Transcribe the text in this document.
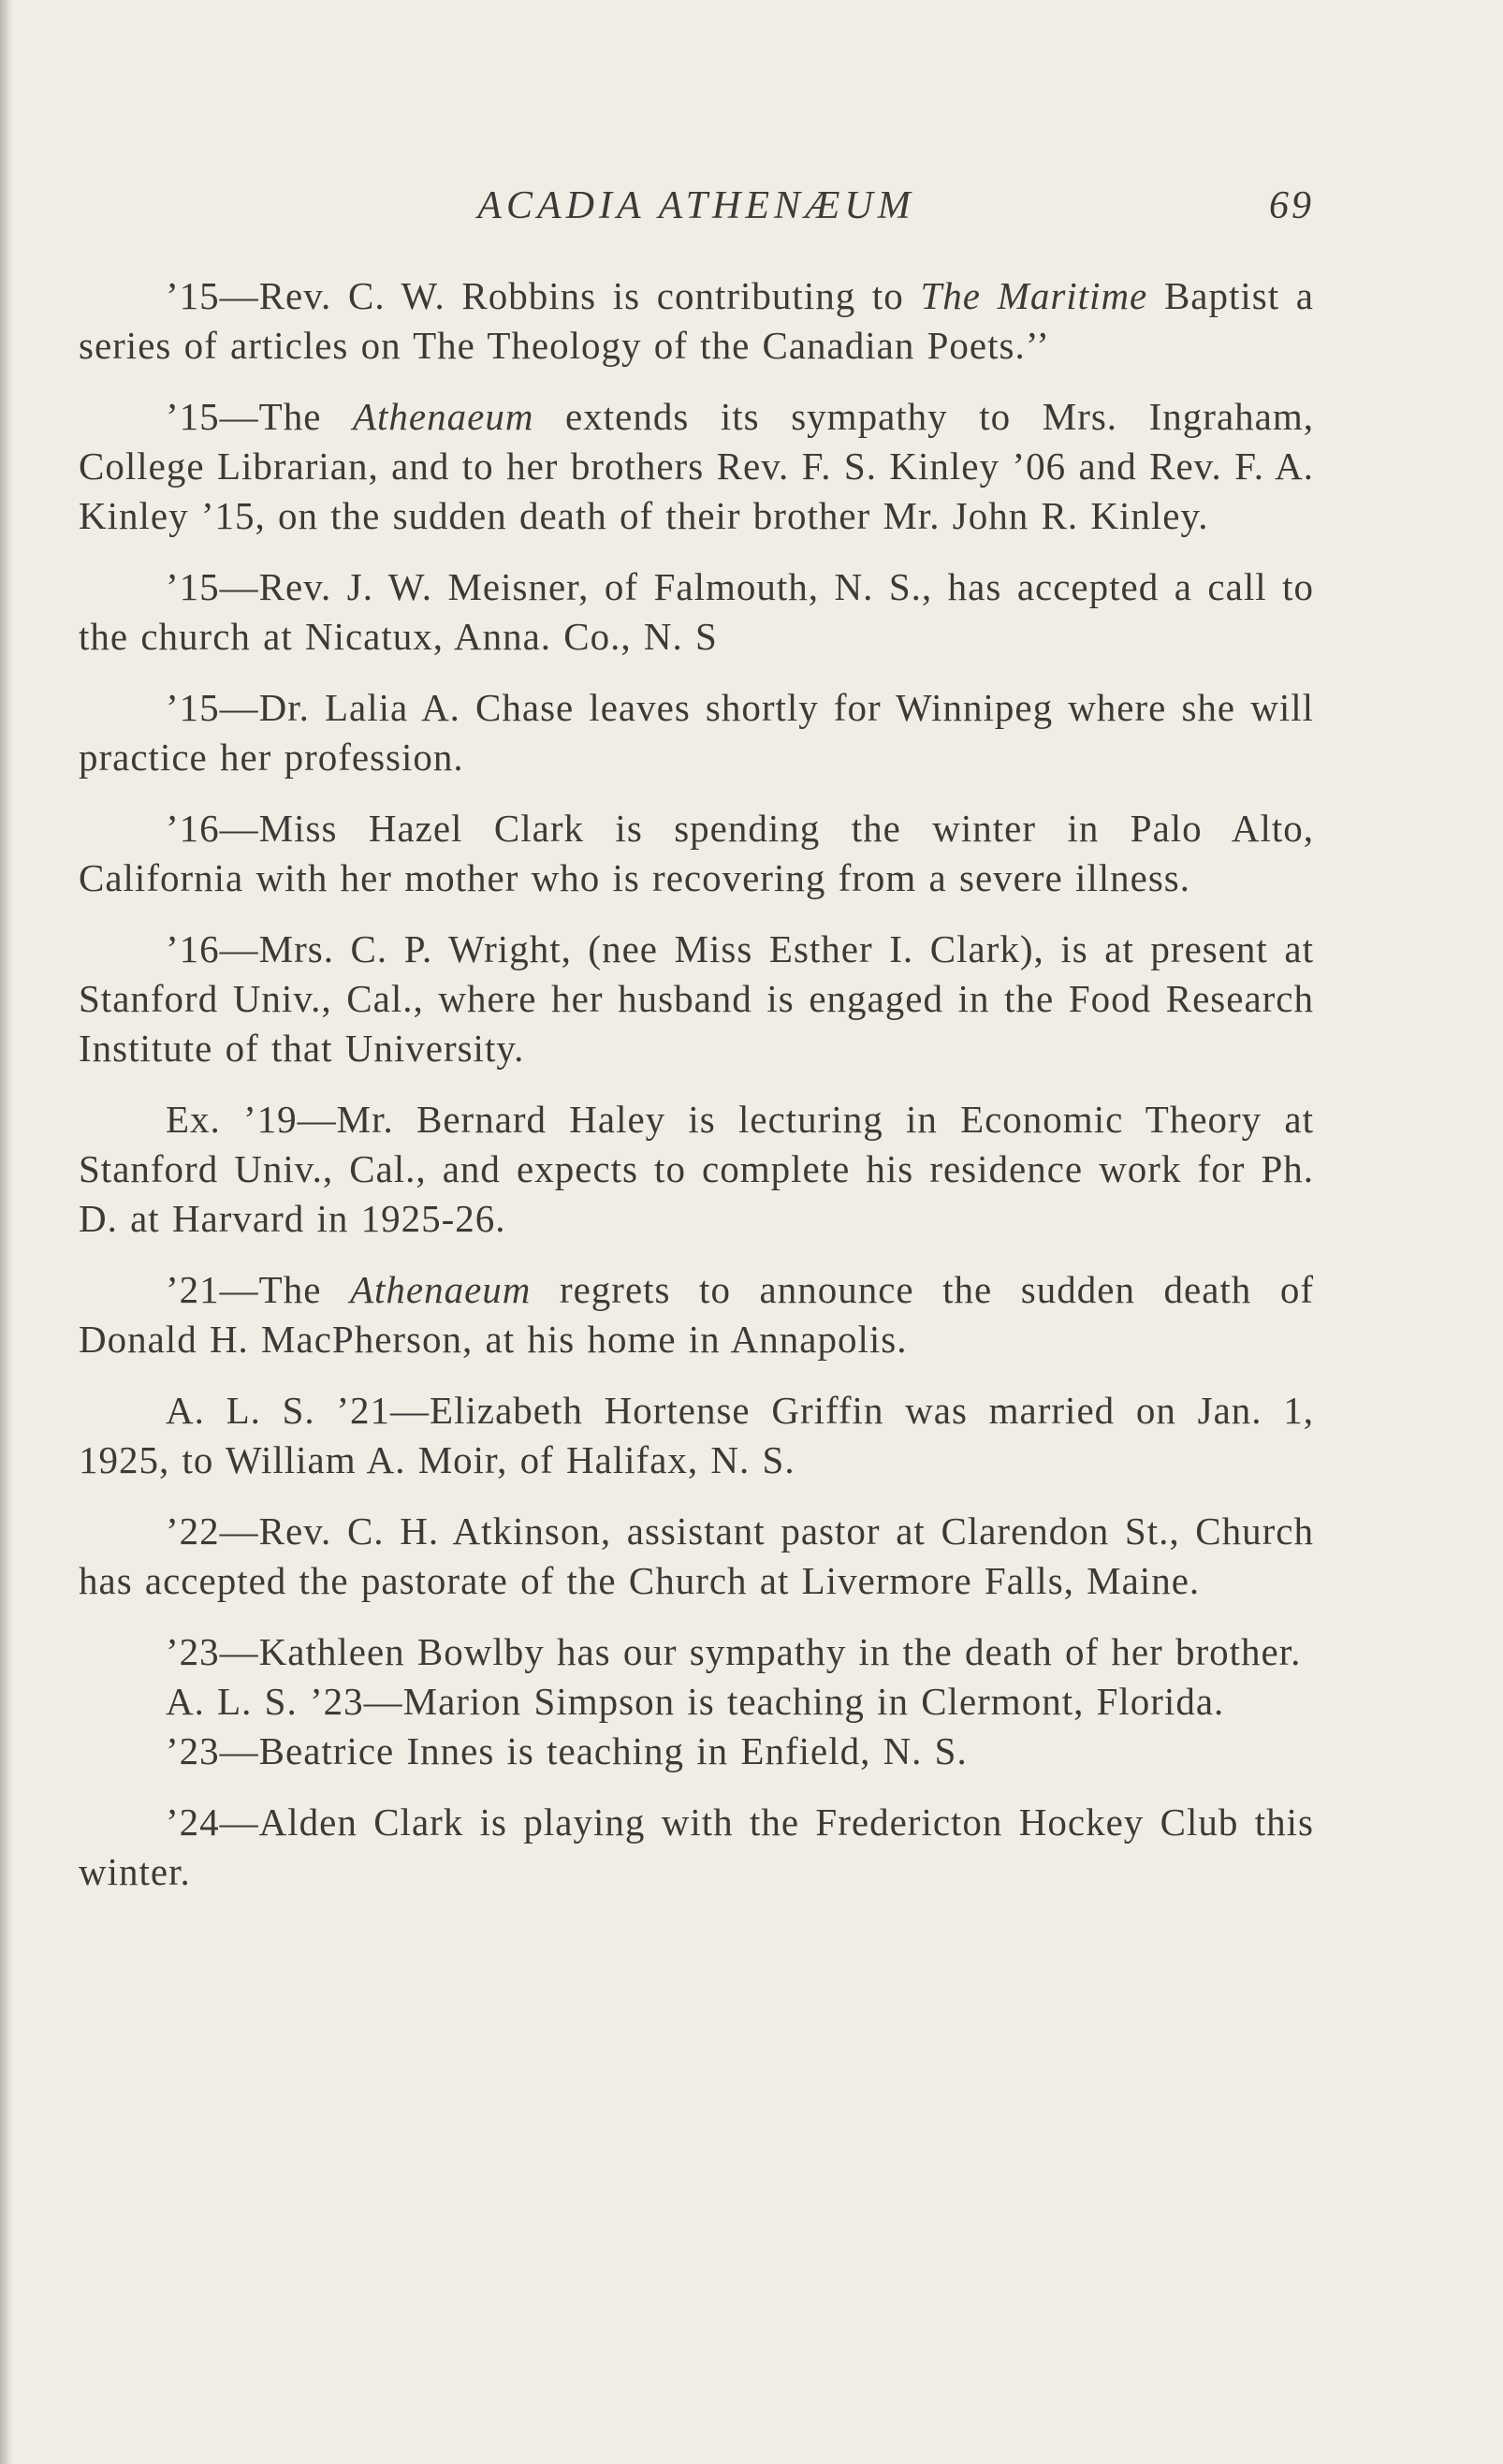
ACADIA ATHENÆUM	69

’15—Rev. C. W. Robbins is contributing to The Maritime Baptist a series of articles on The Theology of the Canadian Poets.’’

’15—The Athenaeum extends its sympathy to Mrs. Ingraham, College Librarian, and to her brothers Rev. F. S. Kinley ’06 and Rev. F. A. Kinley ’15, on the sudden death of their brother Mr. John R. Kinley.

’15—Rev. J. W. Meisner, of Falmouth, N. S., has accepted a call to the church at Nicatux, Anna. Co., N. S

’15—Dr. Lalia A. Chase leaves shortly for Winnipeg where she will practice her profession.

’16—Miss Hazel Clark is spending the winter in Palo Alto, California with her mother who is recovering from a severe illness.

’16—Mrs. C. P. Wright, (nee Miss Esther I. Clark), is at present at Stanford Univ., Cal., where her husband is engaged in the Food Research Institute of that University.

Ex. ’19—Mr. Bernard Haley is lecturing in Economic Theory at Stanford Univ., Cal., and expects to complete his residence work for Ph. D. at Harvard in 1925-26.

’21—The Athenaeum regrets to announce the sudden death of Donald H. MacPherson, at his home in Annapolis.

A. L. S. ’21—Elizabeth Hortense Griffin was married on Jan. 1, 1925, to William A. Moir, of Halifax, N. S.

’22—Rev. C. H. Atkinson, assistant pastor at Clarendon St., Church has accepted the pastorate of the Church at Livermore Falls, Maine.

’23—Kathleen Bowlby has our sympathy in the death of her brother.

A. L. S. ’23—Marion Simpson is teaching in Clermont, Florida.

’23—Beatrice Innes is teaching in Enfield, N. S.

’24—Alden Clark is playing with the Fredericton Hockey Club this winter.
